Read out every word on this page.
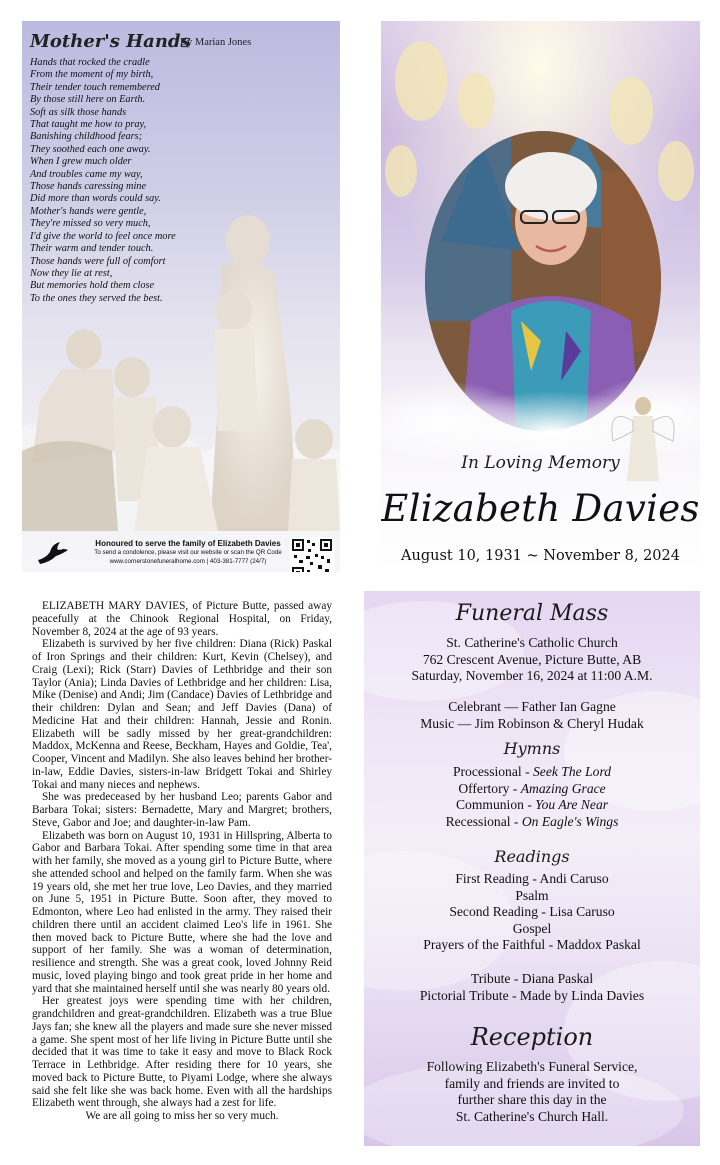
Mother's Hands
By Marian Jones
Hands that rocked the cradle
From the moment of my birth,
Their tender touch remembered
By those still here on Earth.
Soft as silk those hands
That taught me how to pray,
Banishing childhood fears;
They soothed each one away.
When I grew much older
And troubles came my way,
Those hands caressing mine
Did more than words could say.
Mother's hands were gentle,
They're missed so very much,
I'd give the world to feel once more
Their warm and tender touch.
Those hands were full of comfort
Now they lie at rest,
But memories hold them close
To the ones they served the best.
Honoured to serve the family of Elizabeth Davies
To send a condolence, please visit our website or scan the QR Code
www.cornerstonefuneralhome.com | 403-381-7777 (24/7)
In Loving Memory
Elizabeth Davies
August 10, 1931 ~ November 8, 2024

ELIZABETH MARY DAVIES, of Picture Butte, passed away peacefully at the Chinook Regional Hospital, on Friday, November 8, 2024 at the age of 93 years.

Elizabeth is survived by her five children: Diana (Rick) Paskal of Iron Springs and their children: Kurt, Kevin (Chelsey), and Craig (Lexi); Rick (Starr) Davies of Lethbridge and their son Taylor (Ania); Linda Davies of Lethbridge and her children: Lisa, Mike (Denise) and Andi; Jim (Candace) Davies of Lethbridge and their children: Dylan and Sean; and Jeff Davies (Dana) of Medicine Hat and their children: Hannah, Jessie and Ronin. Elizabeth will be sadly missed by her great-grandchildren: Maddox, McKenna and Reese, Beckham, Hayes and Goldie, Tea', Cooper, Vincent and Madilyn. She also leaves behind her brother-in-law, Eddie Davies, sisters-in-law Bridgett Tokai and Shirley Tokai and many nieces and nephews.

She was predeceased by her husband Leo; parents Gabor and Barbara Tokai; sisters: Bernadette, Mary and Margret; brothers, Steve, Gabor and Joe; and daughter-in-law Pam.

Elizabeth was born on August 10, 1931 in Hillspring, Alberta to Gabor and Barbara Tokai. After spending some time in that area with her family, she moved as a young girl to Picture Butte, where she attended school and helped on the family farm. When she was 19 years old, she met her true love, Leo Davies, and they married on June 5, 1951 in Picture Butte. Soon after, they moved to Edmonton, where Leo had enlisted in the army. They raised their children there until an accident claimed Leo's life in 1961. She then moved back to Picture Butte, where she had the love and support of her family. She was a woman of determination, resilience and strength. She was a great cook, loved Johnny Reid music, loved playing bingo and took great pride in her home and yard that she maintained herself until she was nearly 80 years old.

Her greatest joys were spending time with her children, grandchildren and great-grandchildren. Elizabeth was a true Blue Jays fan; she knew all the players and made sure she never missed a game. She spent most of her life living in Picture Butte until she decided that it was time to take it easy and move to Black Rock Terrace in Lethbridge. After residing there for 10 years, she moved back to Picture Butte, to Piyami Lodge, where she always said she felt like she was back home. Even with all the hardships Elizabeth went through, she always had a zest for life.

We are all going to miss her so very much.

Funeral Mass
St. Catherine's Catholic Church
762 Crescent Avenue, Picture Butte, AB
Saturday, November 16, 2024 at 11:00 A.M.
Celebrant — Father Ian Gagne
Music — Jim Robinson & Cheryl Hudak
Hymns
Processional - Seek The Lord
Offertory - Amazing Grace
Communion - You Are Near
Recessional - On Eagle's Wings
Readings
First Reading - Andi Caruso
Psalm
Second Reading - Lisa Caruso
Gospel
Prayers of the Faithful - Maddox Paskal
Tribute - Diana Paskal
Pictorial Tribute - Made by Linda Davies
Reception
Following Elizabeth's Funeral Service,
family and friends are invited to
further share this day in the
St. Catherine's Church Hall.
